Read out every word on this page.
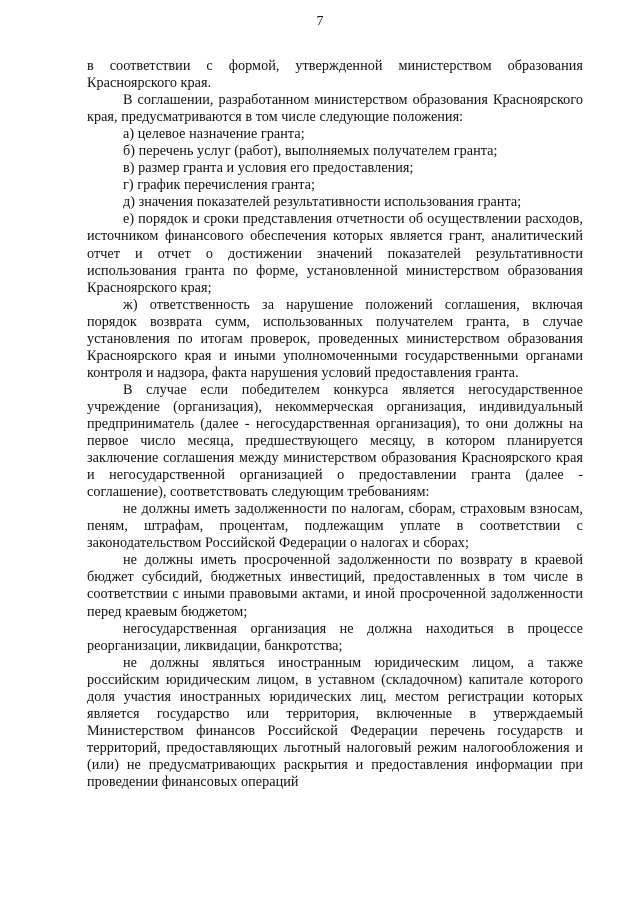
7

в соответствии с формой, утвержденной министерством образования Красноярского края.

В соглашении, разработанном министерством образования Красноярского края, предусматриваются в том числе следующие положения:

а) целевое назначение гранта;

б) перечень услуг (работ), выполняемых получателем гранта;

в) размер гранта и условия его предоставления;

г) график перечисления гранта;

д) значения показателей результативности использования гранта;

е) порядок и сроки представления отчетности об осуществлении расходов, источником финансового обеспечения которых является грант, аналитический отчет и отчет о достижении значений показателей результативности использования гранта по форме, установленной министерством образования Красноярского края;

ж) ответственность за нарушение положений соглашения, включая порядок возврата сумм, использованных получателем гранта, в случае установления по итогам проверок, проведенных министерством образования Красноярского края и иными уполномоченными государственными органами контроля и надзора, факта нарушения условий предоставления гранта.

В случае если победителем конкурса является негосударственное учреждение (организация), некоммерческая организация, индивидуальный предприниматель (далее - негосударственная организация), то они должны на первое число месяца, предшествующего месяцу, в котором планируется заключение соглашения между министерством образования Красноярского края и негосударственной организацией о предоставлении гранта (далее - соглашение), соответствовать следующим требованиям:

не должны иметь задолженности по налогам, сборам, страховым взносам, пеням, штрафам, процентам, подлежащим уплате в соответствии с законодательством Российской Федерации о налогах и сборах;

не должны иметь просроченной задолженности по возврату в краевой бюджет субсидий, бюджетных инвестиций, предоставленных в том числе в соответствии с иными правовыми актами, и иной просроченной задолженности перед краевым бюджетом;

негосударственная организация не должна находиться в процессе реорганизации, ликвидации, банкротства;

не должны являться иностранным юридическим лицом, а также российским юридическим лицом, в уставном (складочном) капитале которого доля участия иностранных юридических лиц, местом регистрации которых является государство или территория, включенные в утверждаемый Министерством финансов Российской Федерации перечень государств и территорий, предоставляющих льготный налоговый режим налогообложения и (или) не предусматривающих раскрытия и предоставления информации при проведении финансовых операций
